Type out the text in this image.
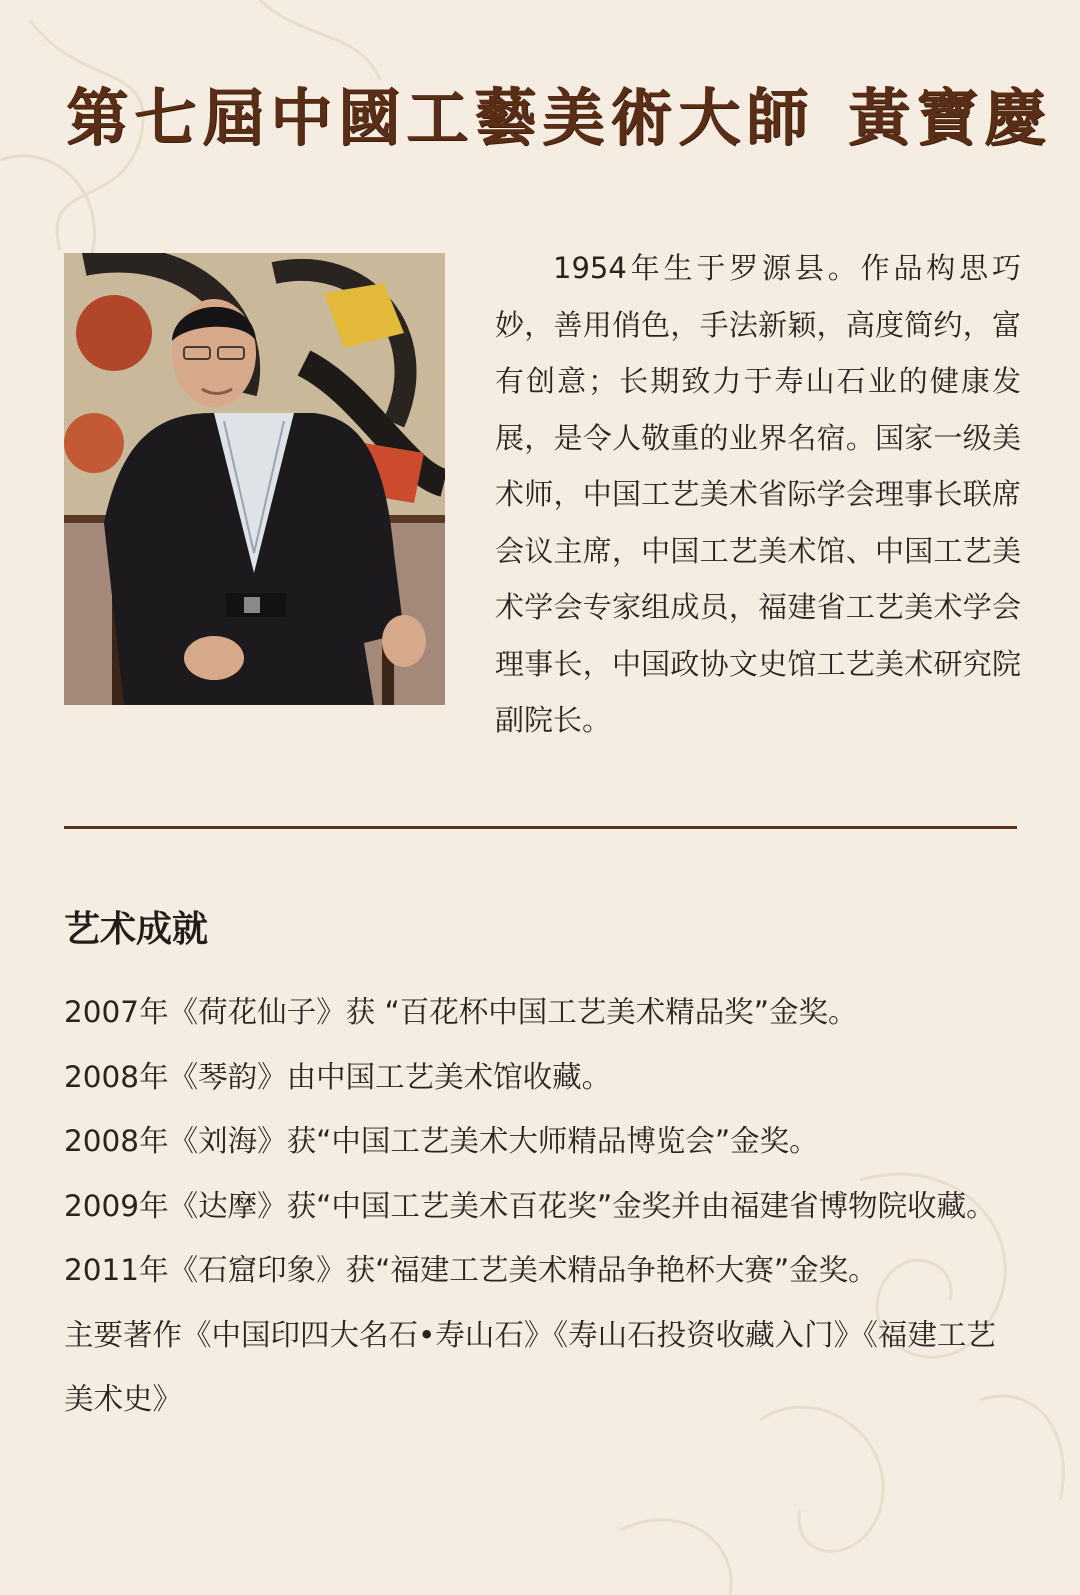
第七屆中國工藝美術大師 黃寶慶

1954年生于罗源县。作品构思巧妙，善用俏色，手法新颖，高度简约，富有创意；长期致力于寿山石业的健康发展，是令人敬重的业界名宿。国家一级美术师，中国工艺美术省际学会理事长联席会议主席，中国工艺美术馆、中国工艺美术学会专家组成员，福建省工艺美术学会理事长，中国政协文史馆工艺美术研究院副院长。

艺术成就
2007年《荷花仙子》获 “百花杯中国工艺美术精品奖”金奖。
2008年《琴韵》由中国工艺美术馆收藏。
2008年《刘海》获“中国工艺美术大师精品博览会”金奖。
2009年《达摩》获“中国工艺美术百花奖”金奖并由福建省博物院收藏。
2011年《石窟印象》获“福建工艺美术精品争艳杯大赛”金奖。
主要著作《中国印四大名石•寿山石》《寿山石投资收藏入门》《福建工艺美术史》
